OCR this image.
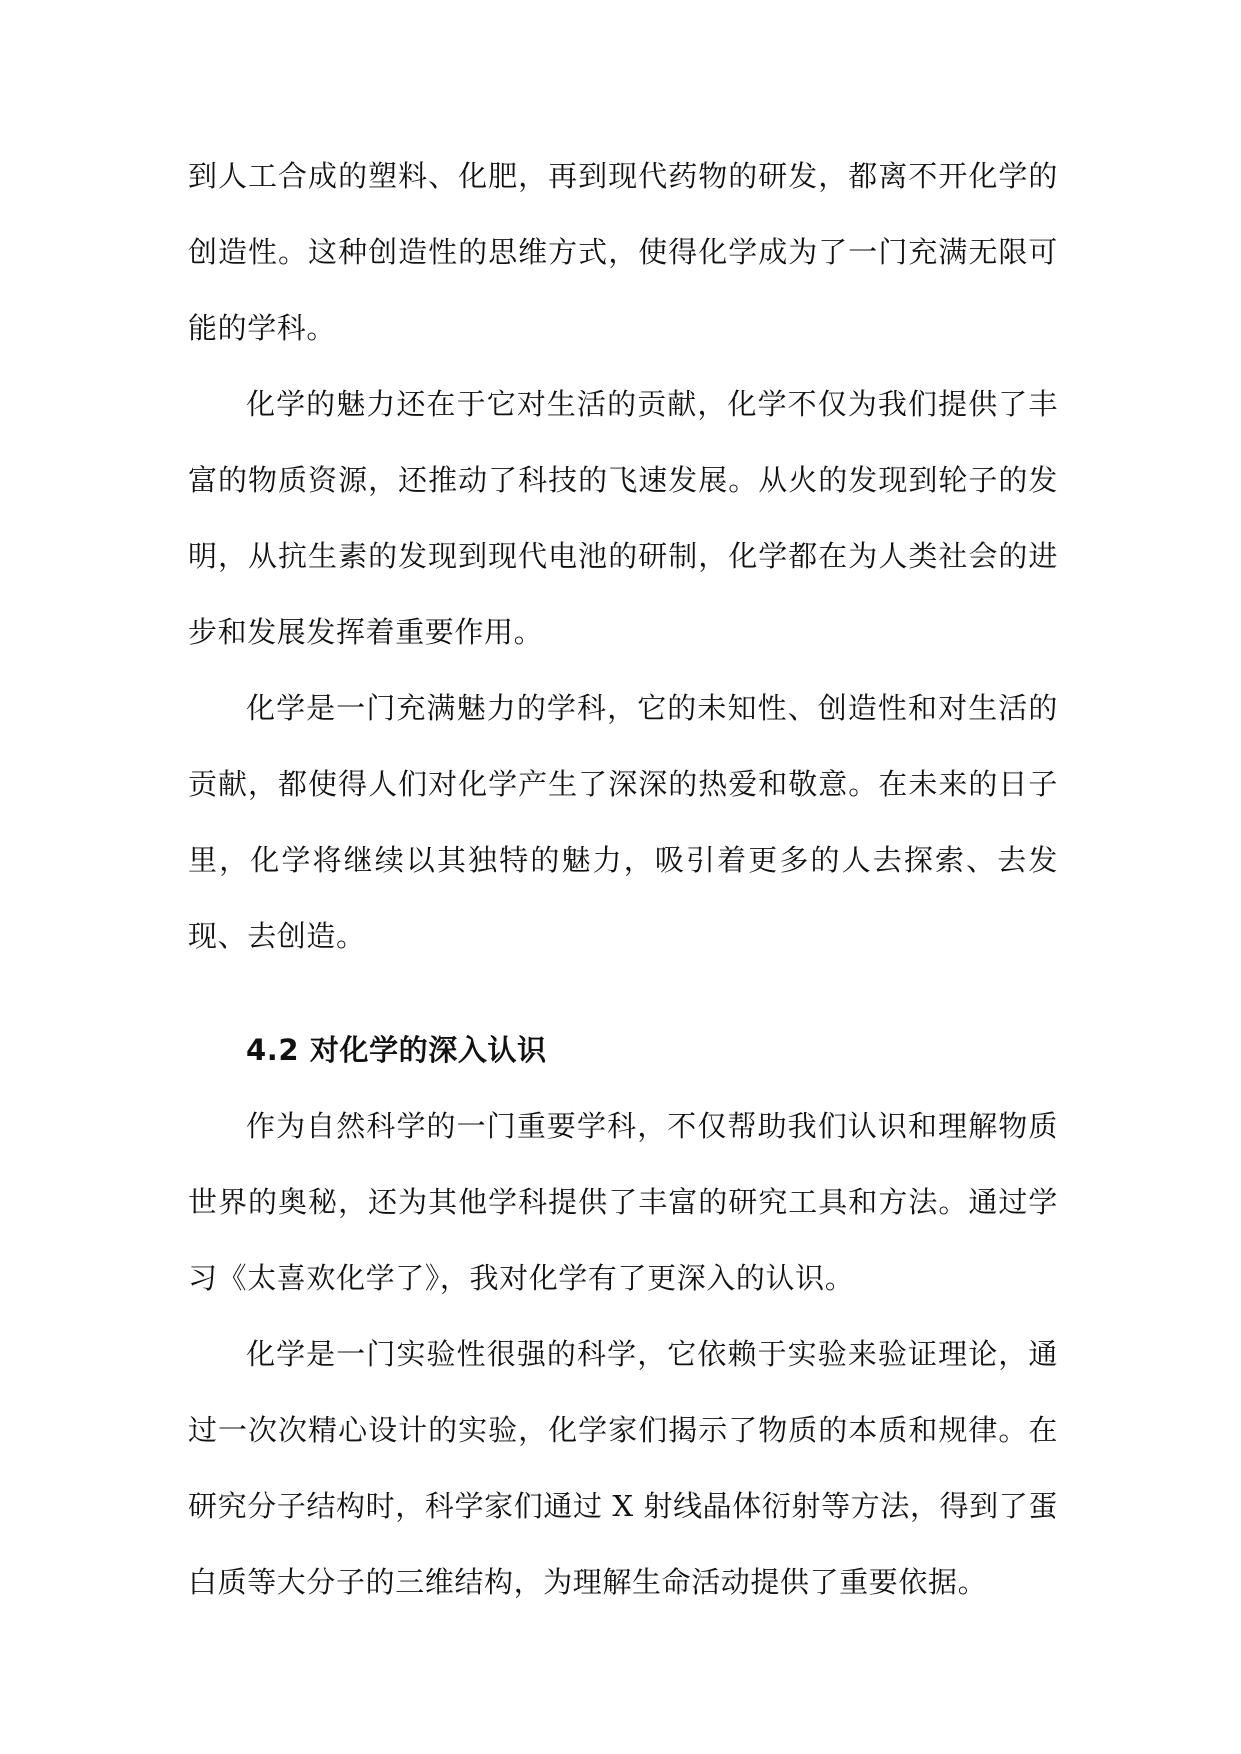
到人工合成的塑料、化肥，再到现代药物的研发，都离不开化学的创造性。这种创造性的思维方式，使得化学成为了一门充满无限可能的学科。

化学的魅力还在于它对生活的贡献，化学不仅为我们提供了丰富的物质资源，还推动了科技的飞速发展。从火的发现到轮子的发明，从抗生素的发现到现代电池的研制，化学都在为人类社会的进步和发展发挥着重要作用。

化学是一门充满魅力的学科，它的未知性、创造性和对生活的贡献，都使得人们对化学产生了深深的热爱和敬意。在未来的日子里，化学将继续以其独特的魅力，吸引着更多的人去探索、去发现、去创造。

4.2 对化学的深入认识

作为自然科学的一门重要学科，不仅帮助我们认识和理解物质世界的奥秘，还为其他学科提供了丰富的研究工具和方法。通过学习《太喜欢化学了》，我对化学有了更深入的认识。

化学是一门实验性很强的科学，它依赖于实验来验证理论，通过一次次精心设计的实验，化学家们揭示了物质的本质和规律。在研究分子结构时，科学家们通过 X 射线晶体衍射等方法，得到了蛋白质等大分子的三维结构，为理解生命活动提供了重要依据。
